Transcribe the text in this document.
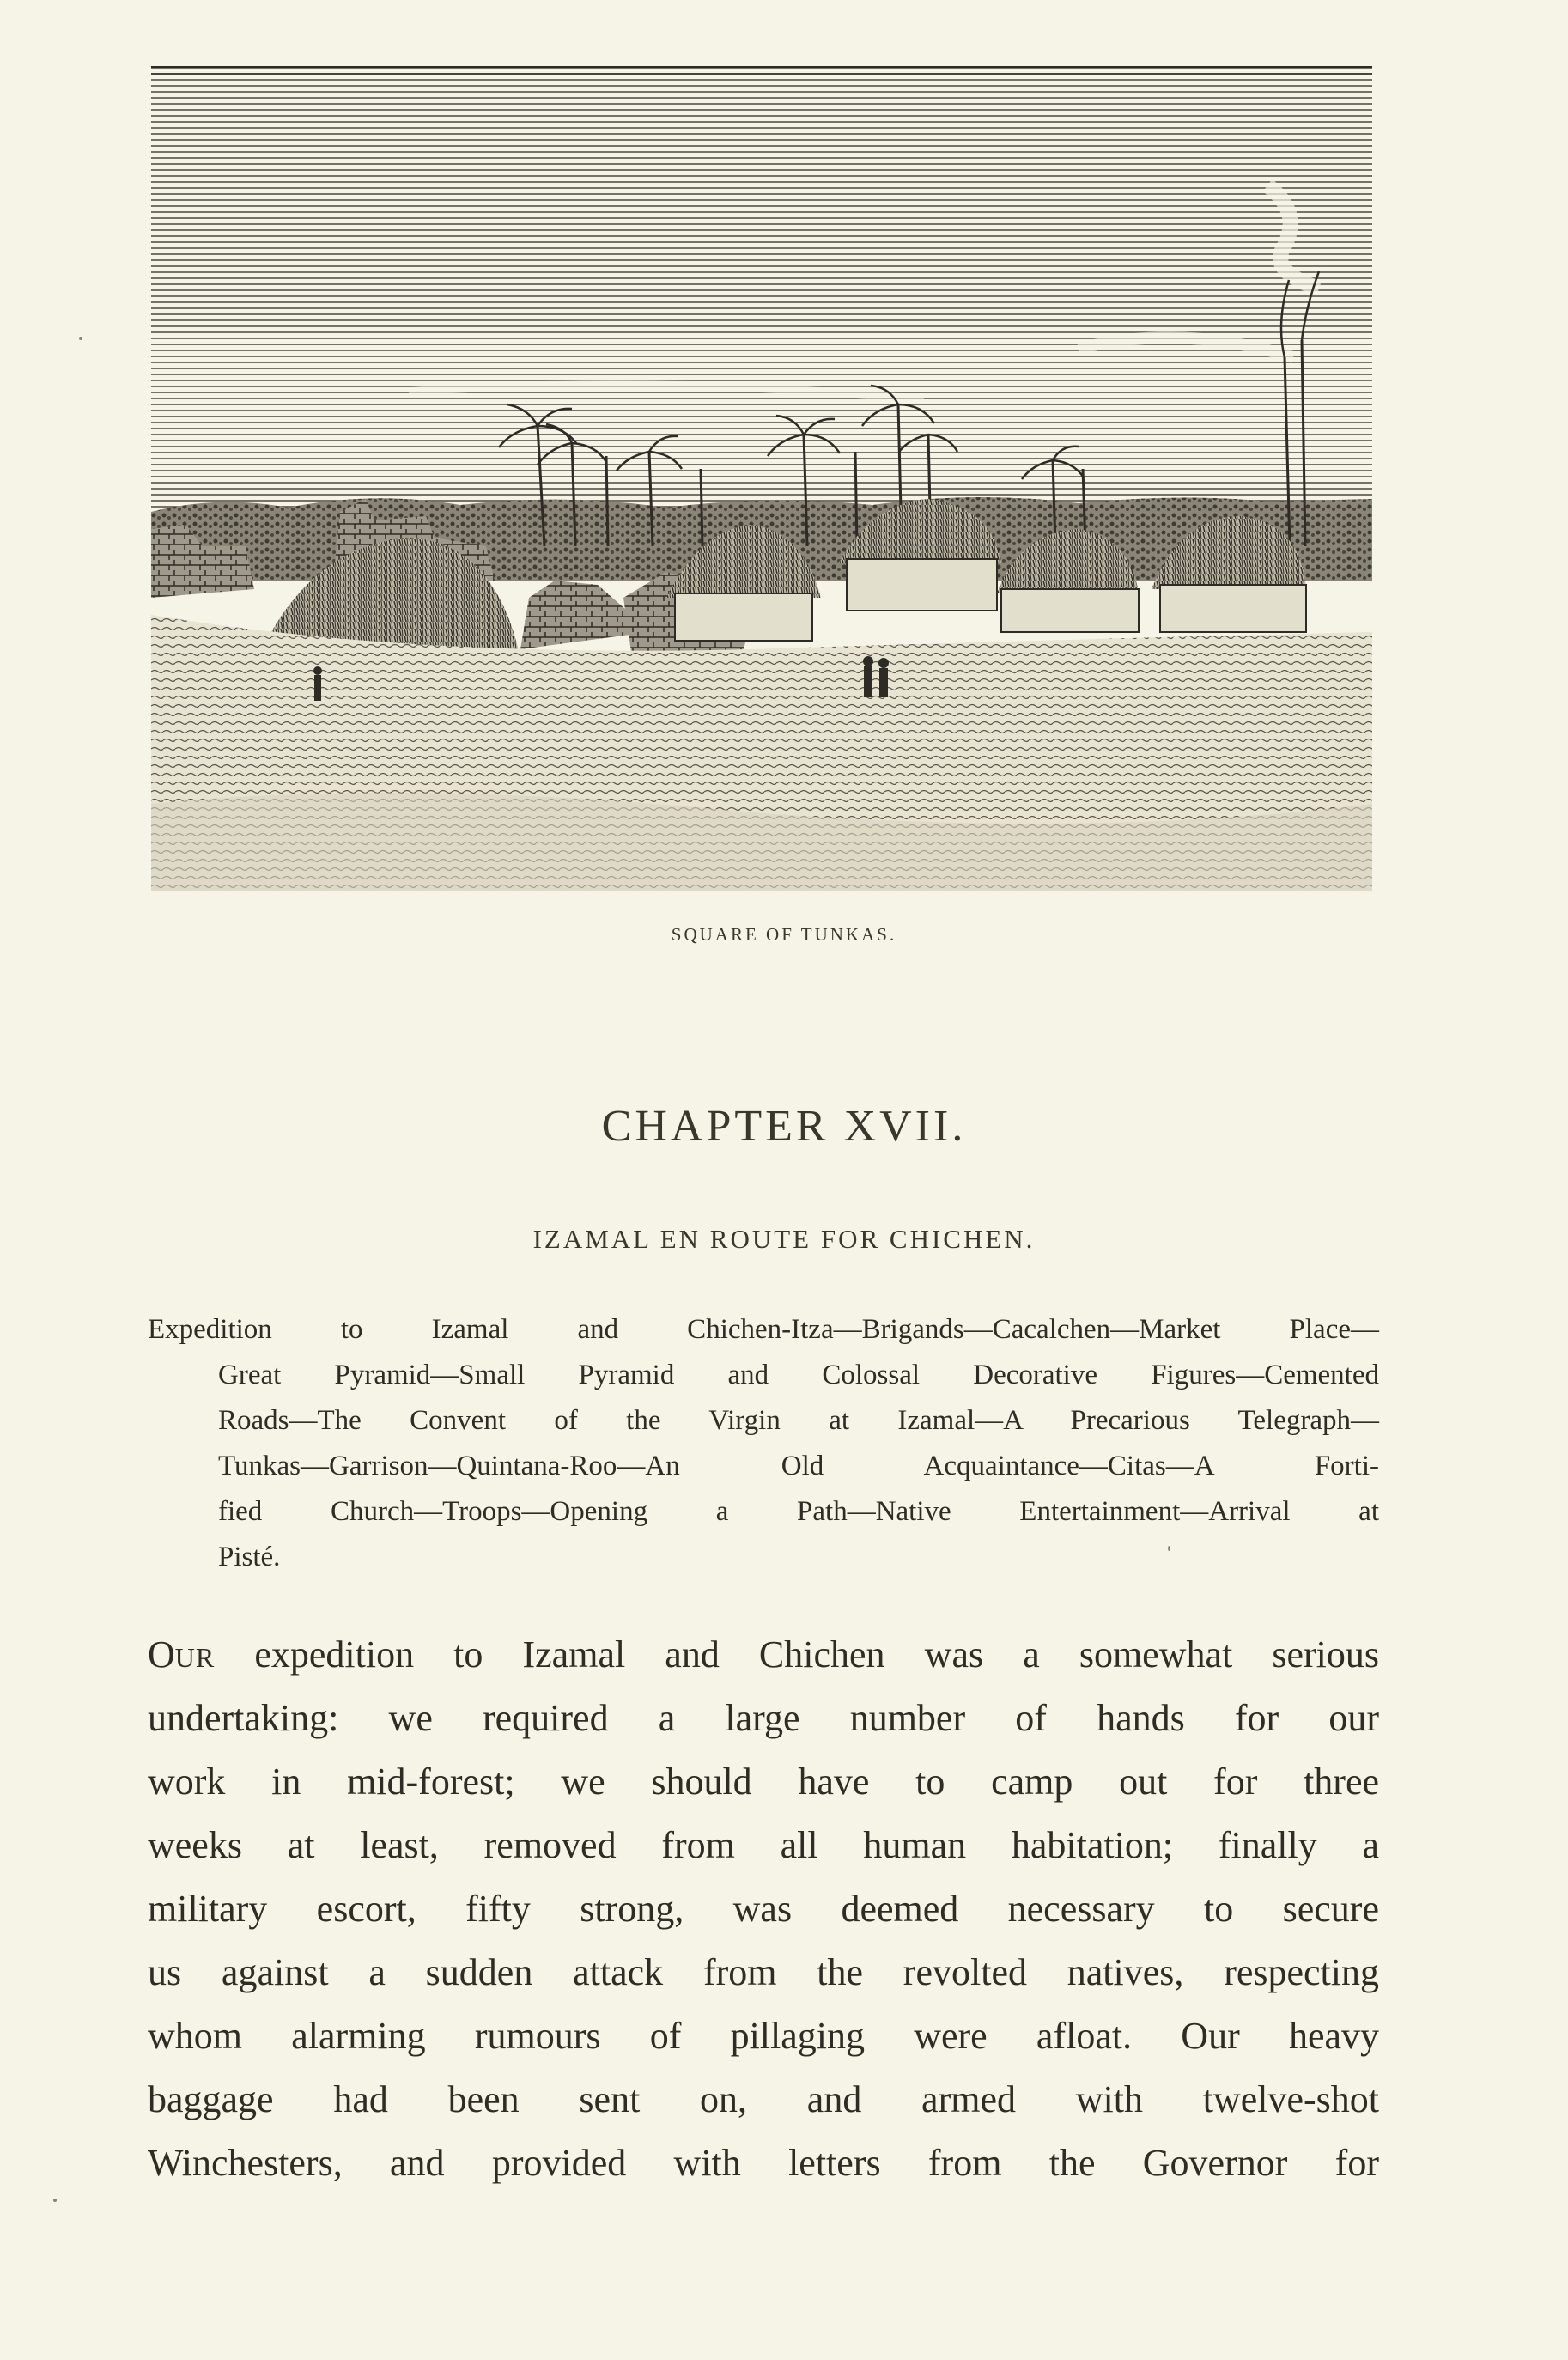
SQUARE OF TUNKAS.
CHAPTER XVII.
IZAMAL EN ROUTE FOR CHICHEN.
Expedition to Izamal and Chichen-Itza—Brigands—Cacalchen—Market Place—
Great Pyramid—Small Pyramid and Colossal Decorative Figures—Cemented
Roads—The Convent of the Virgin at Izamal—A Precarious Telegraph—
Tunkas—Garrison—Quintana-Roo—An Old Acquaintance—Citas—A Forti-
fied Church—Troops—Opening a Path—Native Entertainment—Arrival at
Pisté.
OUR expedition to Izamal and Chichen was a somewhat serious
undertaking: we required a large number of hands for our
work in mid-forest; we should have to camp out for three
weeks at least, removed from all human habitation; finally a
military escort, fifty strong, was deemed necessary to secure
us against a sudden attack from the revolted natives, respecting
whom alarming rumours of pillaging were afloat. Our heavy
baggage had been sent on, and armed with twelve-shot
Winchesters, and provided with letters from the Governor for
